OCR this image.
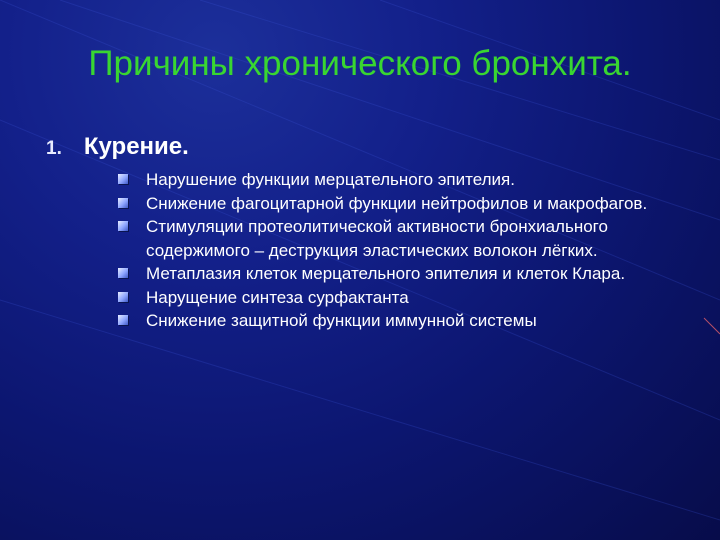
Причины хронического бронхита.
1. Курение.
Нарушение функции мерцательного эпителия.
Снижение фагоцитарной функции нейтрофилов и макрофагов.
Стимуляции протеолитической активности бронхиального содержимого – деструкция эластических волокон лёгких.
Метаплазия клеток мерцательного эпителия и клеток Клара.
Нарущение синтеза сурфактанта
Снижение защитной функции иммунной системы
